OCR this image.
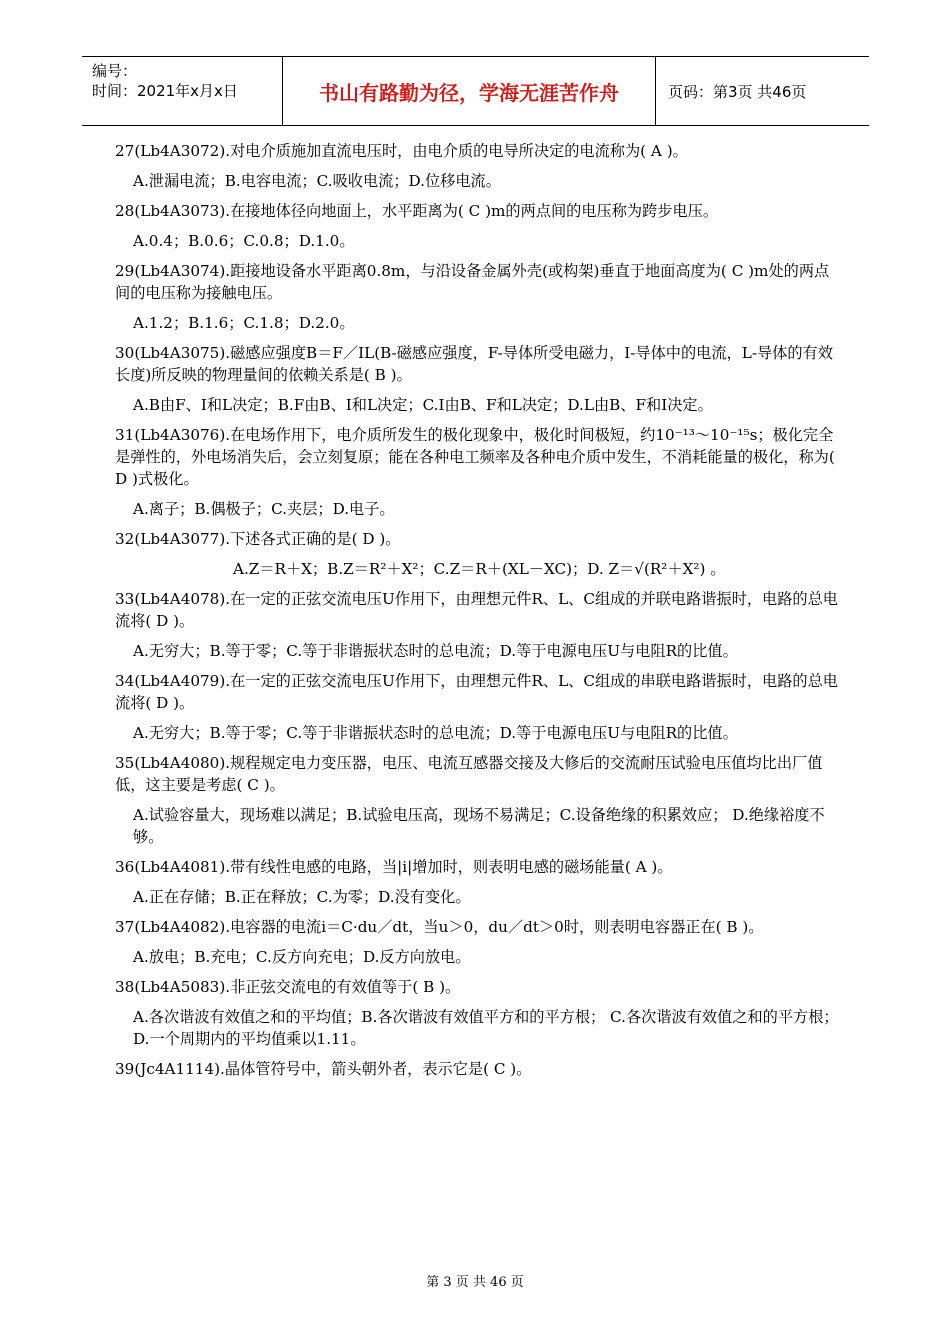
编号：
时间：2021年x月x日	书山有路勤为径，学海无涯苦作舟	页码：第3页 共46页
27(Lb4A3072).对电介质施加直流电压时，由电介质的电导所决定的电流称为( A )。
A.泄漏电流；B.电容电流；C.吸收电流；D.位移电流。
28(Lb4A3073).在接地体径向地面上，水平距离为( C )m的两点间的电压称为跨步电压。
A.0.4；B.0.6；C.0.8；D.1.0。
29(Lb4A3074).距接地设备水平距离0.8m，与沿设备金属外壳(或构架)垂直于地面高度为( C )m处的两点间的电压称为接触电压。
A.1.2；B.1.6；C.1.8；D.2.0。
30(Lb4A3075).磁感应强度B＝F／IL(B-磁感应强度，F-导体所受电磁力，I-导体中的电流，L-导体的有效长度)所反映的物理量间的依赖关系是( B )。
A.B由F、I和L决定；B.F由B、I和L决定；C.I由B、F和L决定；D.L由B、F和I决定。
31(Lb4A3076).在电场作用下，电介质所发生的极化现象中，极化时间极短，约10⁻¹³～10⁻¹⁵s；极化完全是弹性的，外电场消失后，会立刻复原；能在各种电工频率及各种电介质中发生，不消耗能量的极化，称为( D )式极化。
A.离子；B.偶极子；C.夹层；D.电子。
32(Lb4A3077).下述各式正确的是( D )。
A.Z＝R＋X；B.Z＝R²＋X²；C.Z＝R＋(XL－XC)；D. Z＝√(R²＋X²) 。
33(Lb4A4078).在一定的正弦交流电压U作用下，由理想元件R、L、C组成的并联电路谐振时，电路的总电流将( D )。
A.无穷大；B.等于零；C.等于非谐振状态时的总电流；D.等于电源电压U与电阻R的比值。
34(Lb4A4079).在一定的正弦交流电压U作用下，由理想元件R、L、C组成的串联电路谐振时，电路的总电流将( D )。
A.无穷大；B.等于零；C.等于非谐振状态时的总电流；D.等于电源电压U与电阻R的比值。
35(Lb4A4080).规程规定电力变压器，电压、电流互感器交接及大修后的交流耐压试验电压值均比出厂值低，这主要是考虑( C )。
A.试验容量大，现场难以满足；B.试验电压高，现场不易满足；C.设备绝缘的积累效应； D.绝缘裕度不够。
36(Lb4A4081).带有线性电感的电路，当|i|增加时，则表明电感的磁场能量( A )。
A.正在存储；B.正在释放；C.为零；D.没有变化。
37(Lb4A4082).电容器的电流i＝C·du／dt，当u＞0，du／dt＞0时，则表明电容器正在( B )。
A.放电；B.充电；C.反方向充电；D.反方向放电。
38(Lb4A5083).非正弦交流电的有效值等于( B )。
A.各次谐波有效值之和的平均值；B.各次谐波有效值平方和的平方根； C.各次谐波有效值之和的平方根；D.一个周期内的平均值乘以1.11。
39(Jc4A1114).晶体管符号中，箭头朝外者，表示它是( C )。
第 3 页 共 46 页
